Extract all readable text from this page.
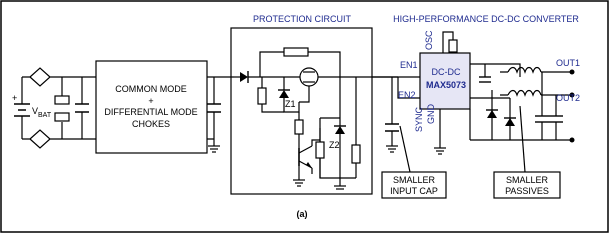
+
$V_{BAT}$
COMMON MODE
+
DIFFERENTIAL MODE
CHOKES
PROTECTION CIRCUIT
Z1
Z2
HIGH-PERFORMANCE DC-DC CONVERTER
DC-DC
MAX5073
EN1
EN2
OSC
SYNC GND
OUT1
OUT2
SMALLER
INPUT CAP
SMALLER
PASSIVES
(a)
